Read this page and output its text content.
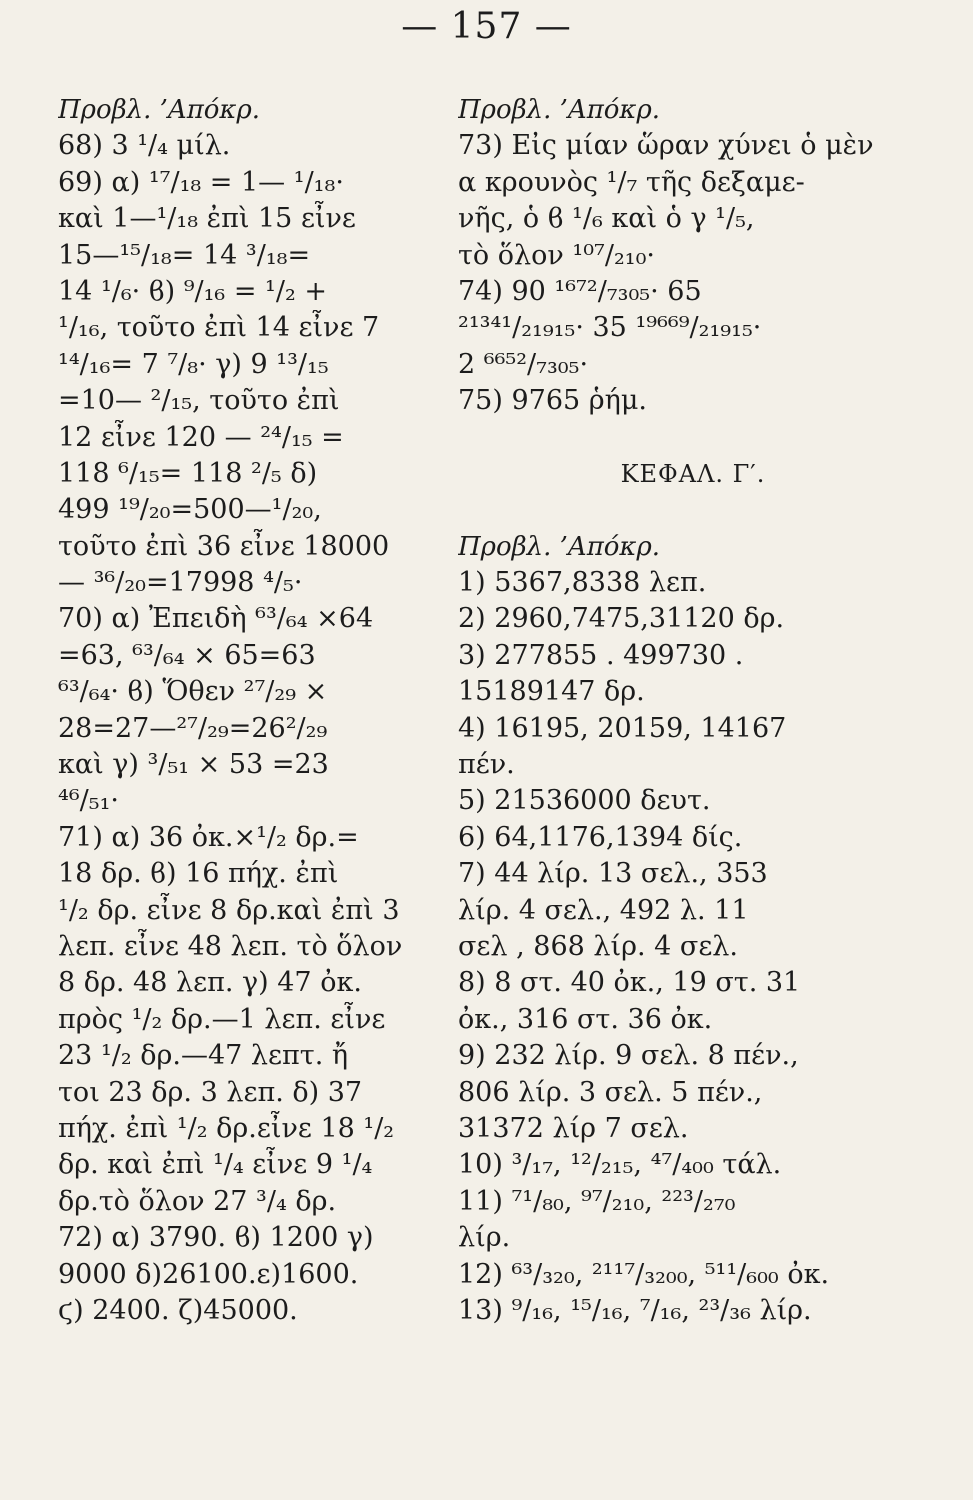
— 157 —
Προβλ. ’Απόκρ.
68) 3 ¹/₄ μίλ.
69) α) ¹⁷/₁₈ = 1— ¹/₁₈·
καὶ 1—¹/₁₈ ἐπὶ 15 εἶνε
15—¹⁵/₁₈= 14 ³/₁₈=
14 ¹/₆· ϐ) ⁹/₁₆ = ¹/₂ +
¹/₁₆, τοῦτο ἐπὶ 14 εἶνε 7
¹⁴/₁₆= 7 ⁷/₈· γ) 9 ¹³/₁₅
=10— ²/₁₅, τοῦτο ἐπὶ
12 εἶνε 120 — ²⁴/₁₅ =
118 ⁶/₁₅= 118 ²/₅ δ)
499 ¹⁹/₂₀=500—¹/₂₀,
τοῦτο ἐπὶ 36 εἶνε 18000
— ³⁶/₂₀=17998 ⁴/₅·
70) α) Ἐπειδὴ ⁶³/₆₄ ×64
=63, ⁶³/₆₄ × 65=63
⁶³/₆₄· ϐ) Ὅθεν ²⁷/₂₉ ×
28=27—²⁷/₂₉=26²/₂₉
καὶ γ) ³/₅₁ × 53 =23
⁴⁶/₅₁·
71) α) 36 ὀκ.×¹/₂ δρ.=
18 δρ. ϐ) 16 πήχ. ἐπὶ
¹/₂ δρ. εἶνε 8 δρ.καὶ ἐπὶ 3
λεπ. εἶνε 48 λεπ. τὸ ὅλον
8 δρ. 48 λεπ. γ) 47 ὀκ.
πρὸς ¹/₂ δρ.—1 λεπ. εἶνε
23 ¹/₂ δρ.—47 λεπτ. ἤ
τοι 23 δρ. 3 λεπ. δ) 37
πήχ. ἐπὶ ¹/₂ δρ.εἶνε 18 ¹/₂
δρ. καὶ ἐπὶ ¹/₄ εἶνε 9 ¹/₄
δρ.τὸ ὅλον 27 ³/₄ δρ.
72) α) 3790. ϐ) 1200 γ)
9000 δ)26100.ε)1600.
ϛ) 2400. ζ)45000.
Προβλ. ’Απόκρ.
73) Εἰς μίαν ὥραν χύνει ὁ μὲν
α κρουνὸς ¹/₇ τῆς δεξαμε-
νῆς, ὁ ϐ ¹/₆ καὶ ὁ γ ¹/₅,
τὸ ὅλον ¹⁰⁷/₂₁₀·
74) 90 ¹⁶⁷²/₇₃₀₅· 65
²¹³⁴¹/₂₁₉₁₅· 35 ¹⁹⁶⁶⁹/₂₁₉₁₅·
2 ⁶⁶⁵²/₇₃₀₅·
75) 9765 ῥήμ.
ΚΕΦΑΛ. Γ′.
Προβλ. ’Απόκρ.
1) 5367,8338 λεπ.
2) 2960,7475,31120 δρ.
3) 277855 . 499730 .
15189147 δρ.
4) 16195, 20159, 14167
πέν.
5) 21536000 δευτ.
6) 64,1176,1394 δίς.
7) 44 λίρ. 13 σελ., 353
λίρ. 4 σελ., 492 λ. 11
σελ , 868 λίρ. 4 σελ.
8) 8 στ. 40 ὀκ., 19 στ. 31
ὀκ., 316 στ. 36 ὀκ.
9) 232 λίρ. 9 σελ. 8 πέν.,
806 λίρ. 3 σελ. 5 πέν.,
31372 λίρ 7 σελ.
10) ³/₁₇, ¹²/₂₁₅, ⁴⁷/₄₀₀ τάλ.
11) ⁷¹/₈₀, ⁹⁷/₂₁₀, ²²³/₂₇₀
λίρ.
12) ⁶³/₃₂₀, ²¹¹⁷/₃₂₀₀, ⁵¹¹/₆₀₀ ὀκ.
13) ⁹/₁₆, ¹⁵/₁₆, ⁷/₁₆, ²³/₃₆ λίρ.
